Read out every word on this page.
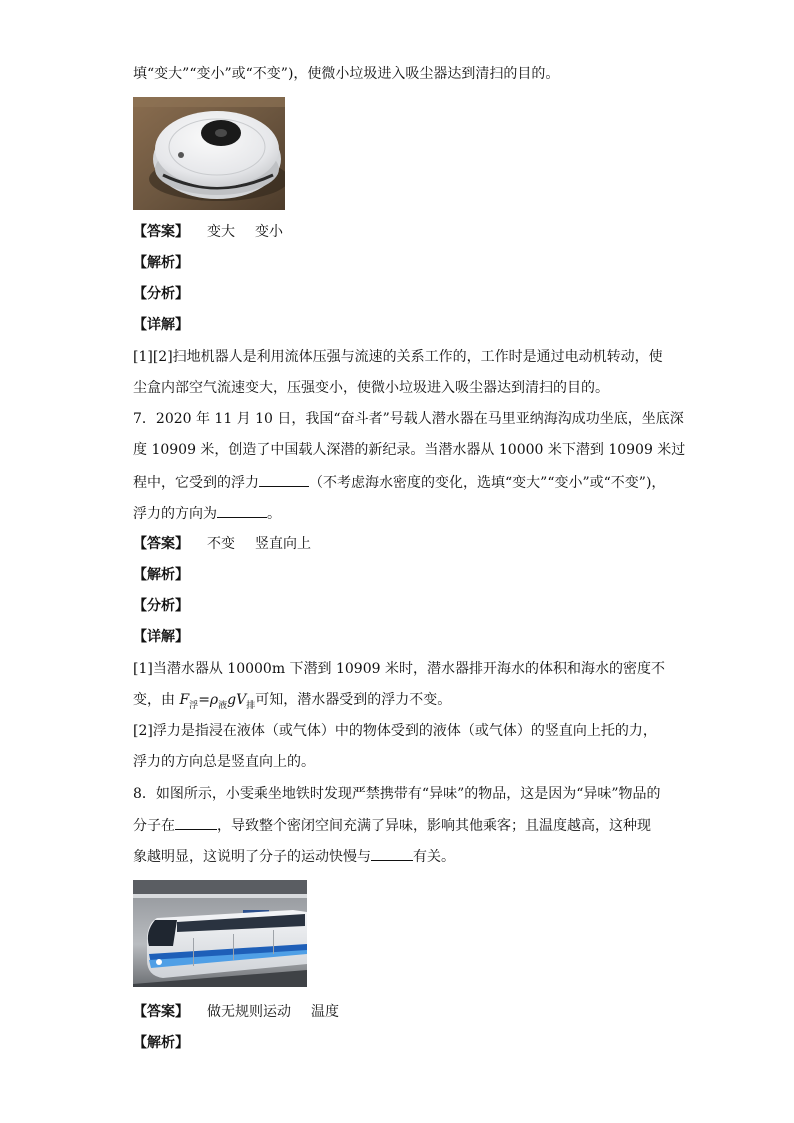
填“变大”“变小”或“不变”)，使微小垃圾进入吸尘器达到清扫的目的。
【答案】 变大 变小
【解析】
【分析】
【详解】
[1][2]扫地机器人是利用流体压强与流速的关系工作的，工作时是通过电动机转动，使
尘盒内部空气流速变大，压强变小，使微小垃圾进入吸尘器达到清扫的目的。
7．2020 年 11 月 10 日，我国“奋斗者”号载人潜水器在马里亚纳海沟成功坐底，坐底深
度 10909 米，创造了中国载人深潜的新纪录。当潜水器从 10000 米下潜到 10909 米过
程中，它受到的浮力	（不考虑海水密度的变化，选填“变大”“变小”或“不变”)，
浮力的方向为	。
【答案】 不变 竖直向上
【解析】
【分析】
【详解】
[1]当潜水器从 10000m 下潜到 10909 米时，潜水器排开海水的体积和海水的密度不
变，由 $F_浮=\rho_液gV_排$可知，潜水器受到的浮力不变。
[2]浮力是指浸在液体（或气体）中的物体受到的液体（或气体）的竖直向上托的力，
浮力的方向总是竖直向上的。
8．如图所示，小雯乘坐地铁时发现严禁携带有“异味”的物品，这是因为“异味”物品的
分子在	，导致整个密闭空间充满了异味，影响其他乘客；且温度越高，这种现
象越明显，这说明了分子的运动快慢与	有关。
【答案】 做无规则运动 温度
【解析】
